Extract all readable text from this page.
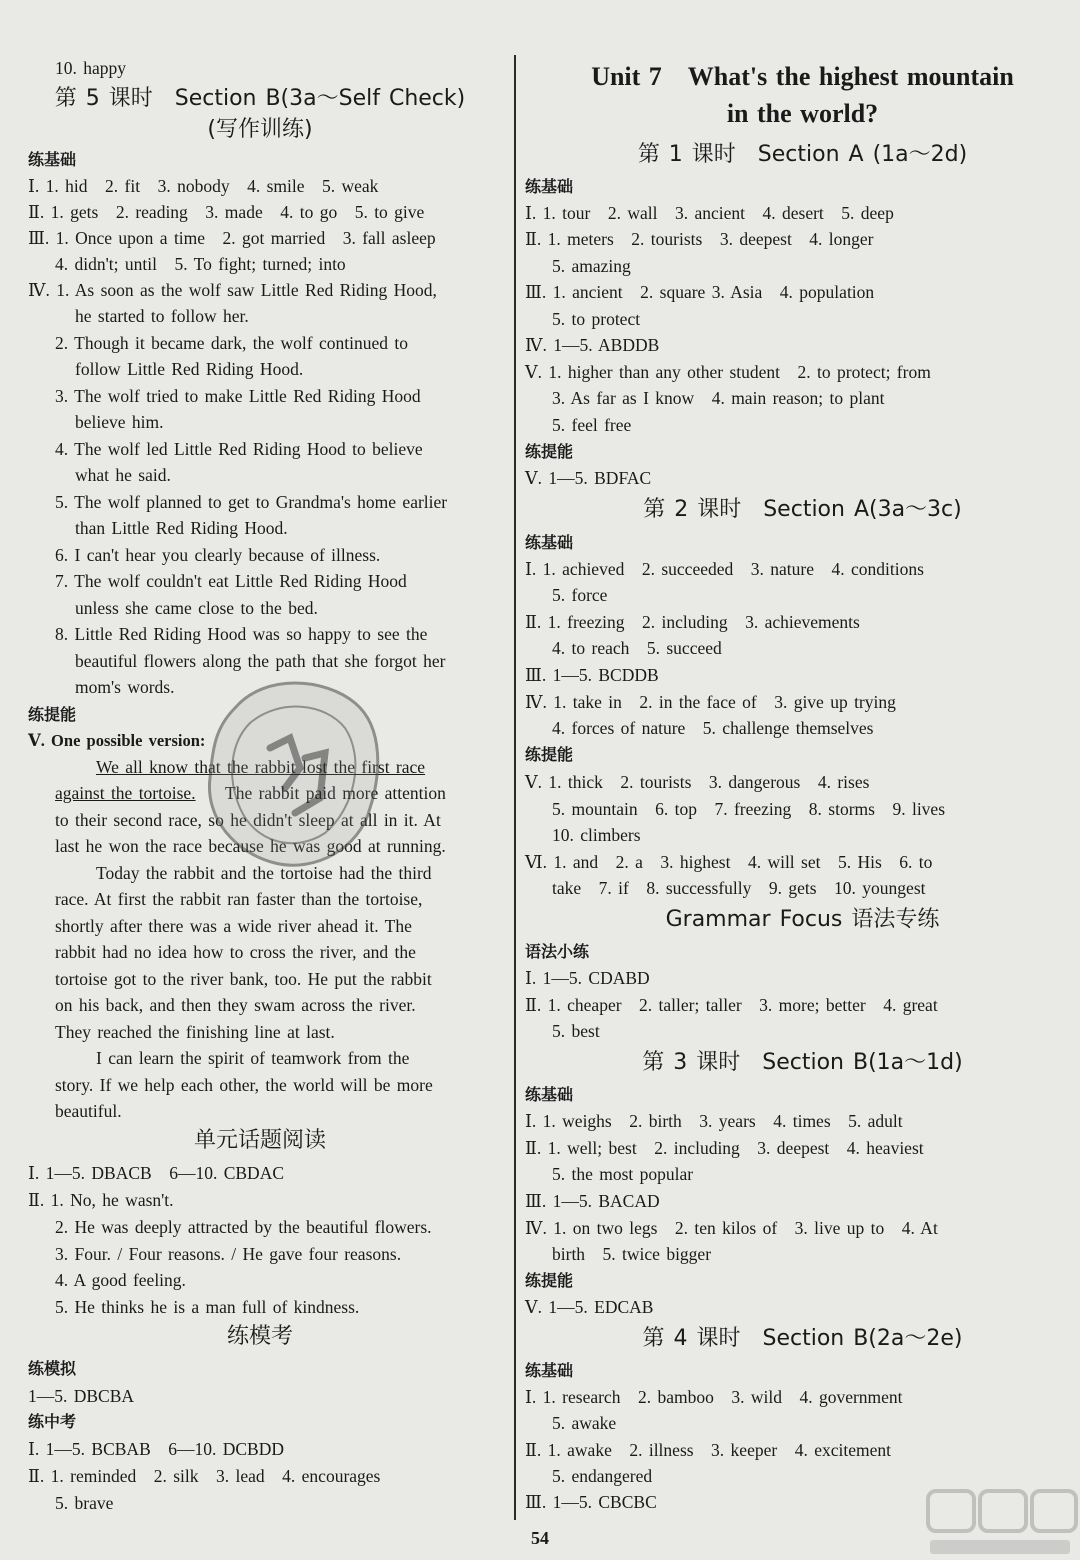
10. happy
第 5 课时　Section B(3a～Self Check)
(写作训练)
练基础
Ⅰ. 1. hid　2. fit　3. nobody　4. smile　5. weak
Ⅱ. 1. gets　2. reading　3. made　4. to go　5. to give
Ⅲ. 1. Once upon a time　2. got married　3. fall asleep
4. didn't; until　5. To fight; turned; into
Ⅳ. 1. As soon as the wolf saw Little Red Riding Hood,
he started to follow her.
2. Though it became dark, the wolf continued to
follow Little Red Riding Hood.
3. The wolf tried to make Little Red Riding Hood
believe him.
4. The wolf led Little Red Riding Hood to believe
what he said.
5. The wolf planned to get to Grandma's home earlier
than Little Red Riding Hood.
6. I can't hear you clearly because of illness.
7. The wolf couldn't eat Little Red Riding Hood
unless she came close to the bed.
8. Little Red Riding Hood was so happy to see the
beautiful flowers along the path that she forgot her
mom's words.
练提能
Ⅴ. One possible version:
We all know that the rabbit lost the first race
against the tortoise. The rabbit paid more attention
to their second race, so he didn't sleep at all in it. At
last he won the race because he was good at running.
Today the rabbit and the tortoise had the third
race. At first the rabbit ran faster than the tortoise,
shortly after there was a wide river ahead it. The
rabbit had no idea how to cross the river, and the
tortoise got to the river bank, too. He put the rabbit
on his back, and then they swam across the river.
They reached the finishing line at last.
I can learn the spirit of teamwork from the
story. If we help each other, the world will be more
beautiful.
单元话题阅读
Ⅰ. 1—5. DBACB　6—10. CBDAC
Ⅱ. 1. No, he wasn't.
2. He was deeply attracted by the beautiful flowers.
3. Four. / Four reasons. / He gave four reasons.
4. A good feeling.
5. He thinks he is a man full of kindness.
练模考
练模拟
1—5. DBCBA
练中考
Ⅰ. 1—5. BCBAB　6—10. DCBDD
Ⅱ. 1. reminded　2. silk　3. lead　4. encourages
5. brave
Unit 7　What's the highest mountain
in the world?
第 1 课时　Section A (1a～2d)
练基础
Ⅰ. 1. tour　2. wall　3. ancient　4. desert　5. deep
Ⅱ. 1. meters　2. tourists　3. deepest　4. longer
5. amazing
Ⅲ. 1. ancient　2. square 3. Asia　4. population
5. to protect
Ⅳ. 1—5. ABDDB
Ⅴ. 1. higher than any other student　2. to protect; from
3. As far as I know　4. main reason; to plant
5. feel free
练提能
Ⅴ. 1—5. BDFAC
第 2 课时　Section A(3a～3c)
练基础
Ⅰ. 1. achieved　2. succeeded　3. nature　4. conditions
5. force
Ⅱ. 1. freezing　2. including　3. achievements
4. to reach　5. succeed
Ⅲ. 1—5. BCDDB
Ⅳ. 1. take in　2. in the face of　3. give up trying
4. forces of nature　5. challenge themselves
练提能
Ⅴ. 1. thick　2. tourists　3. dangerous　4. rises
5. mountain　6. top　7. freezing　8. storms　9. lives
10. climbers
Ⅵ. 1. and　2. a　3. highest　4. will set　5. His　6. to
take　7. if　8. successfully　9. gets　10. youngest
Grammar Focus 语法专练
语法小练
Ⅰ. 1—5. CDABD
Ⅱ. 1. cheaper　2. taller; taller　3. more; better　4. great
5. best
第 3 课时　Section B(1a～1d)
练基础
Ⅰ. 1. weighs　2. birth　3. years　4. times　5. adult
Ⅱ. 1. well; best　2. including　3. deepest　4. heaviest
5. the most popular
Ⅲ. 1—5. BACAD
Ⅳ. 1. on two legs　2. ten kilos of　3. live up to　4. At
birth　5. twice bigger
练提能
Ⅴ. 1—5. EDCAB
第 4 课时　Section B(2a～2e)
练基础
Ⅰ. 1. research　2. bamboo　3. wild　4. government
5. awake
Ⅱ. 1. awake　2. illness　3. keeper　4. excitement
5. endangered
Ⅲ. 1—5. CBCBC
54
